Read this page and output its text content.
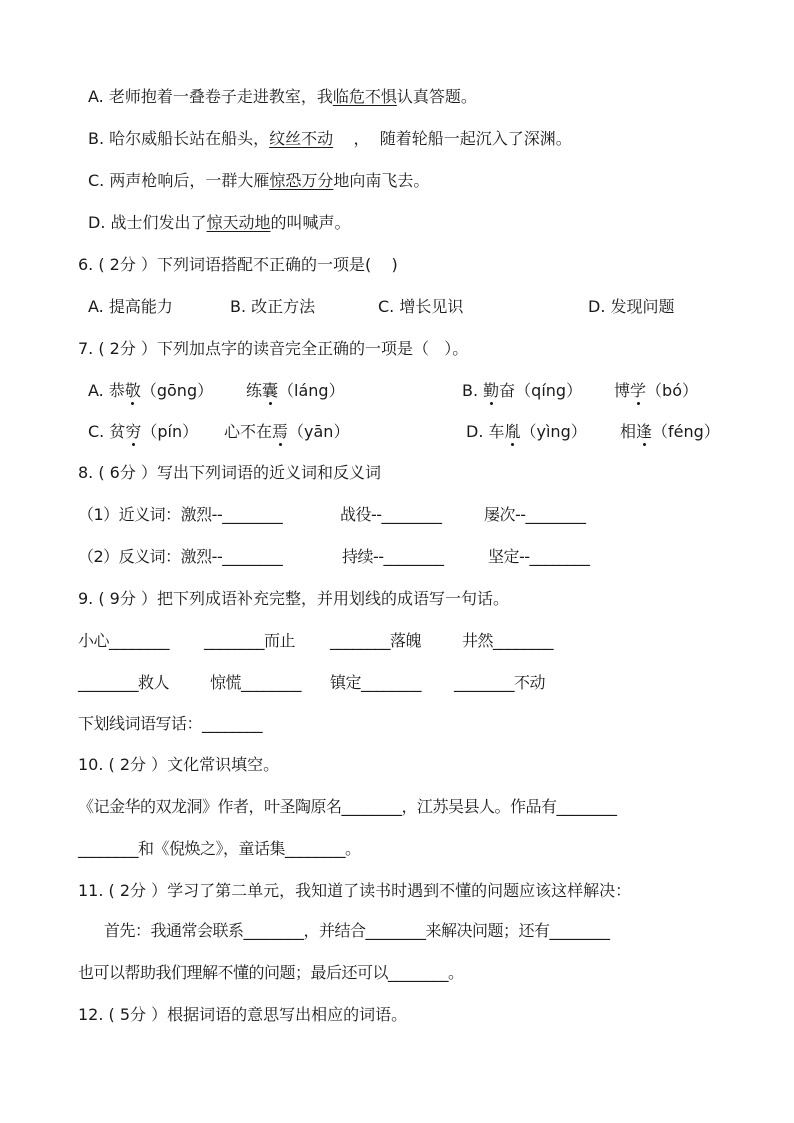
A. 老师抱着一叠卷子走进教室，我临危不惧认真答题。
B. 哈尔威船长站在船头，纹丝不动    ，  随着轮船一起沉入了深渊。
C. 两声枪响后，一群大雁惊恐万分地向南飞去。
D. 战士们发出了惊天动地的叫喊声。
6. ( 2分 ）下列词语搭配不正确的一项是(    )
A. 提高能力	B. 改正方法	C. 增长见识	D. 发现问题
7. ( 2分 ）下列加点字的读音完全正确的一项是（   ）。
A. 恭敬（gōng） 练囊（láng）	B. 勤奋（qíng） 博学（bó）
C. 贫穷（pín） 心不在焉（yān）	D. 车胤（yìng） 相逢（féng）
8. ( 6分 ）写出下列词语的近义词和反义词
（1）近义词：激烈--________	战役--________	屡次--________
（2）反义词：激烈--________	持续--________	坚定--________
9. ( 9分 ）把下列成语补充完整，并用划线的成语写一句话。
小心________ ________而止 ________落魄	井然________
________救人	惊慌________ 镇定________ ________不动
下划线词语写话：________
10. ( 2分 ）文化常识填空。
《记金华的双龙洞》作者，叶圣陶原名________，江苏吴县人。作品有________
________和《倪焕之》，童话集________。
11. ( 2分 ）学习了第二单元，我知道了读书时遇到不懂的问题应该这样解决：
首先：我通常会联系________，并结合________来解决问题；还有________
也可以帮助我们理解不懂的问题；最后还可以________。
12. ( 5分 ）根据词语的意思写出相应的词语。
